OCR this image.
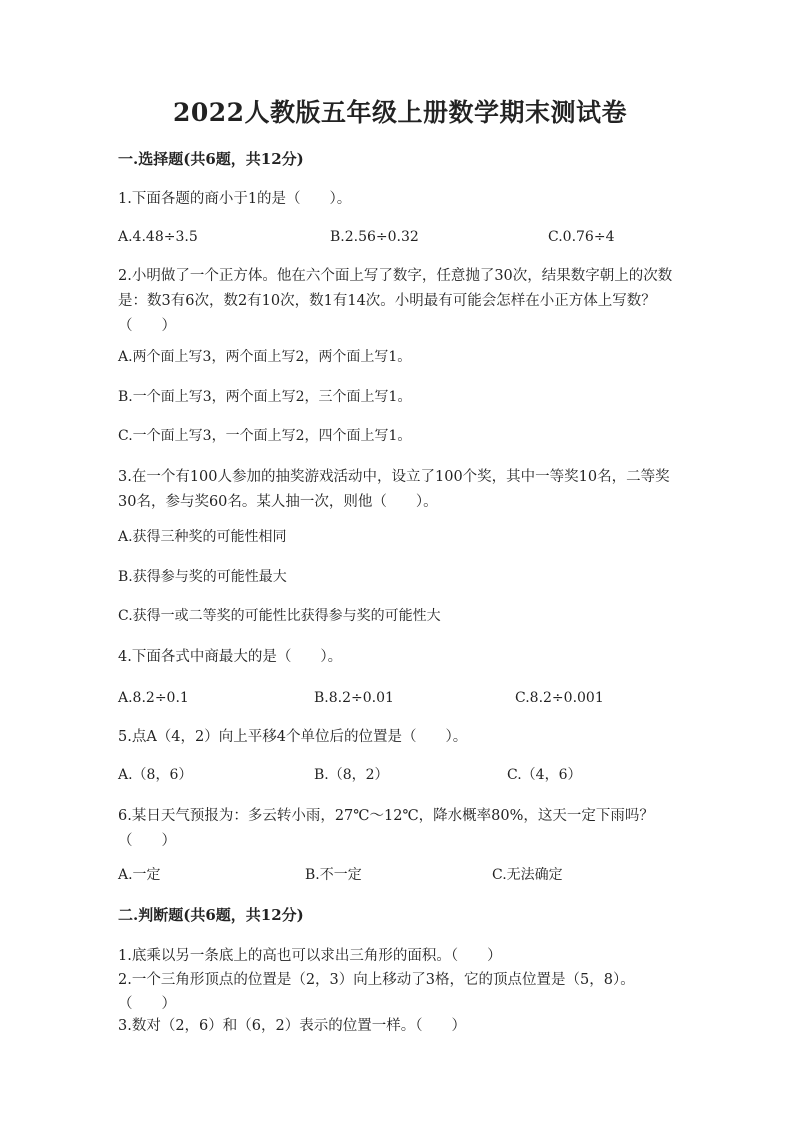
2022人教版五年级上册数学期末测试卷
一.选择题(共6题，共12分)
1.下面各题的商小于1的是（　　）。
A.4.48÷3.5	B.2.56÷0.32	C.0.76÷4
2.小明做了一个正方体。他在六个面上写了数字，任意抛了30次，结果数字朝上的次数是：数3有6次，数2有10次，数1有14次。小明最有可能会怎样在小正方体上写数？（　　）
A.两个面上写3，两个面上写2，两个面上写1。
B.一个面上写3，两个面上写2，三个面上写1。
C.一个面上写3，一个面上写2，四个面上写1。
3.在一个有100人参加的抽奖游戏活动中，设立了100个奖，其中一等奖10名，二等奖30名，参与奖60名。某人抽一次，则他（　　）。
A.获得三种奖的可能性相同
B.获得参与奖的可能性最大
C.获得一或二等奖的可能性比获得参与奖的可能性大
4.下面各式中商最大的是（　　）。
A.8.2÷0.1	B.8.2÷0.01	C.8.2÷0.001
5.点A（4，2）向上平移4个单位后的位置是（　　）。
A.（8，6）	B.（8，2）	C.（4，6）
6.某日天气预报为：多云转小雨，27℃～12℃，降水概率80%，这天一定下雨吗？（　　）
A.一定	B.不一定	C.无法确定
二.判断题(共6题，共12分)
1.底乘以另一条底上的高也可以求出三角形的面积。（　　）
2.一个三角形顶点的位置是（2，3）向上移动了3格，它的顶点位置是（5，8）。（　　）
3.数对（2，6）和（6，2）表示的位置一样。（　　）
